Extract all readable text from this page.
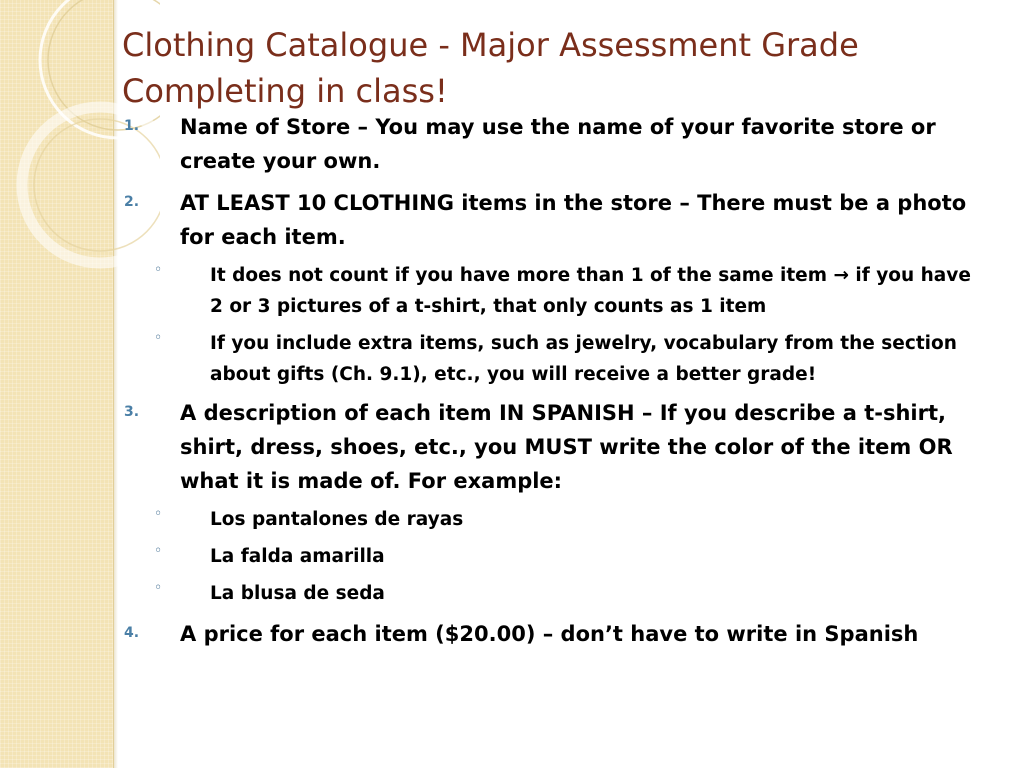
Clothing Catalogue - Major Assessment Grade
Completing in class!
1. Name of Store – You may use the name of your favorite store or create your own.
2. AT LEAST 10 CLOTHING items in the store – There must be a photo for each item.
◦	It does not count if you have more than 1 of the same item → if you have 2 or 3 pictures of a t-shirt, that only counts as 1 item
◦	If you include extra items, such as jewelry, vocabulary from the section about gifts (Ch. 9.1), etc., you will receive a better grade!
3. A description of each item IN SPANISH – If you describe a t-shirt, shirt, dress, shoes, etc., you MUST write the color of the item OR what it is made of. For example:
◦	Los pantalones de rayas
◦	La falda amarilla
◦	La blusa de seda
4. A price for each item ($20.00) – don’t have to write in Spanish
